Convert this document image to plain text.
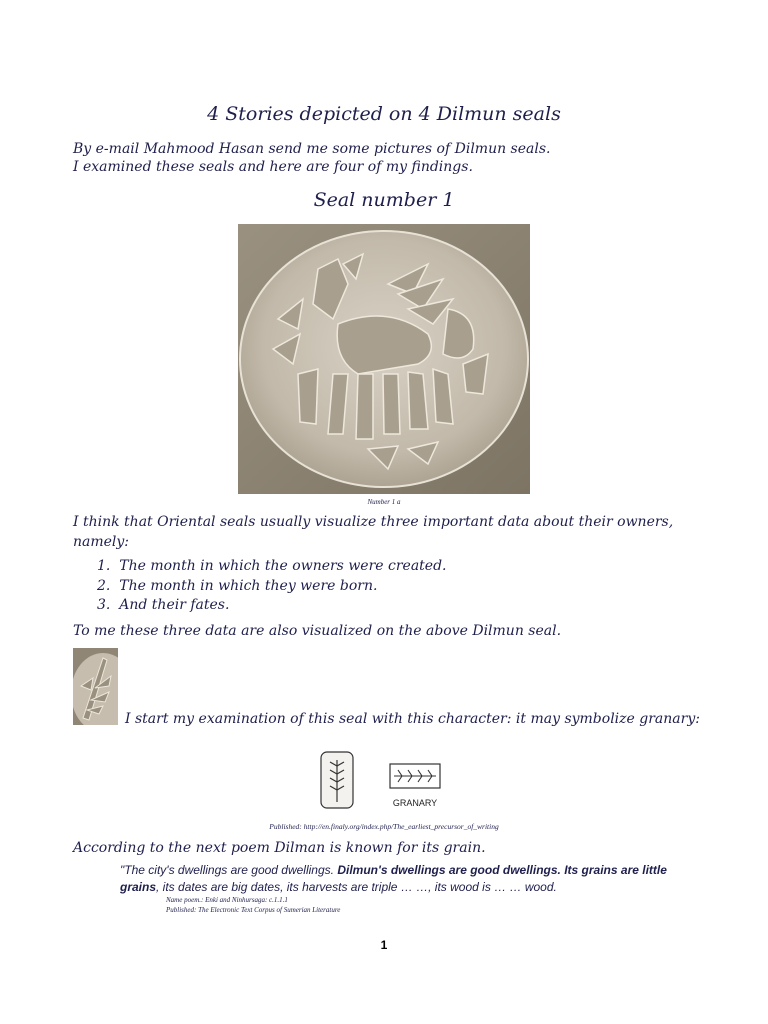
4 Stories depicted on 4 Dilmun seals
By e-mail Mahmood Hasan send me some pictures of Dilmun seals.
I examined these seals and here are four of my findings.
Seal number 1
Number 1 a
I think that Oriental seals usually visualize three important data about their owners, namely:
1.  The month in which the owners were created.
2.  The month in which they were born.
3.  And their fates.
To me these three data are also visualized on the above Dilmun seal.
I start my examination of this seal with this character: it may symbolize granary:
GRANARY
Published: http://en.finaly.org/index.php/The_earliest_precursor_of_writing
According to the next poem Dilman is known for its grain.
"The city's dwellings are good dwellings. Dilmun's dwellings are good dwellings. Its grains are little grains, its dates are big dates, its harvests are triple … …, its wood is … … wood.
Name poem.: Enki and Ninhursaga: c.1.1.1
Published: The Electronic Text Corpus of Sumerian Literature
1
